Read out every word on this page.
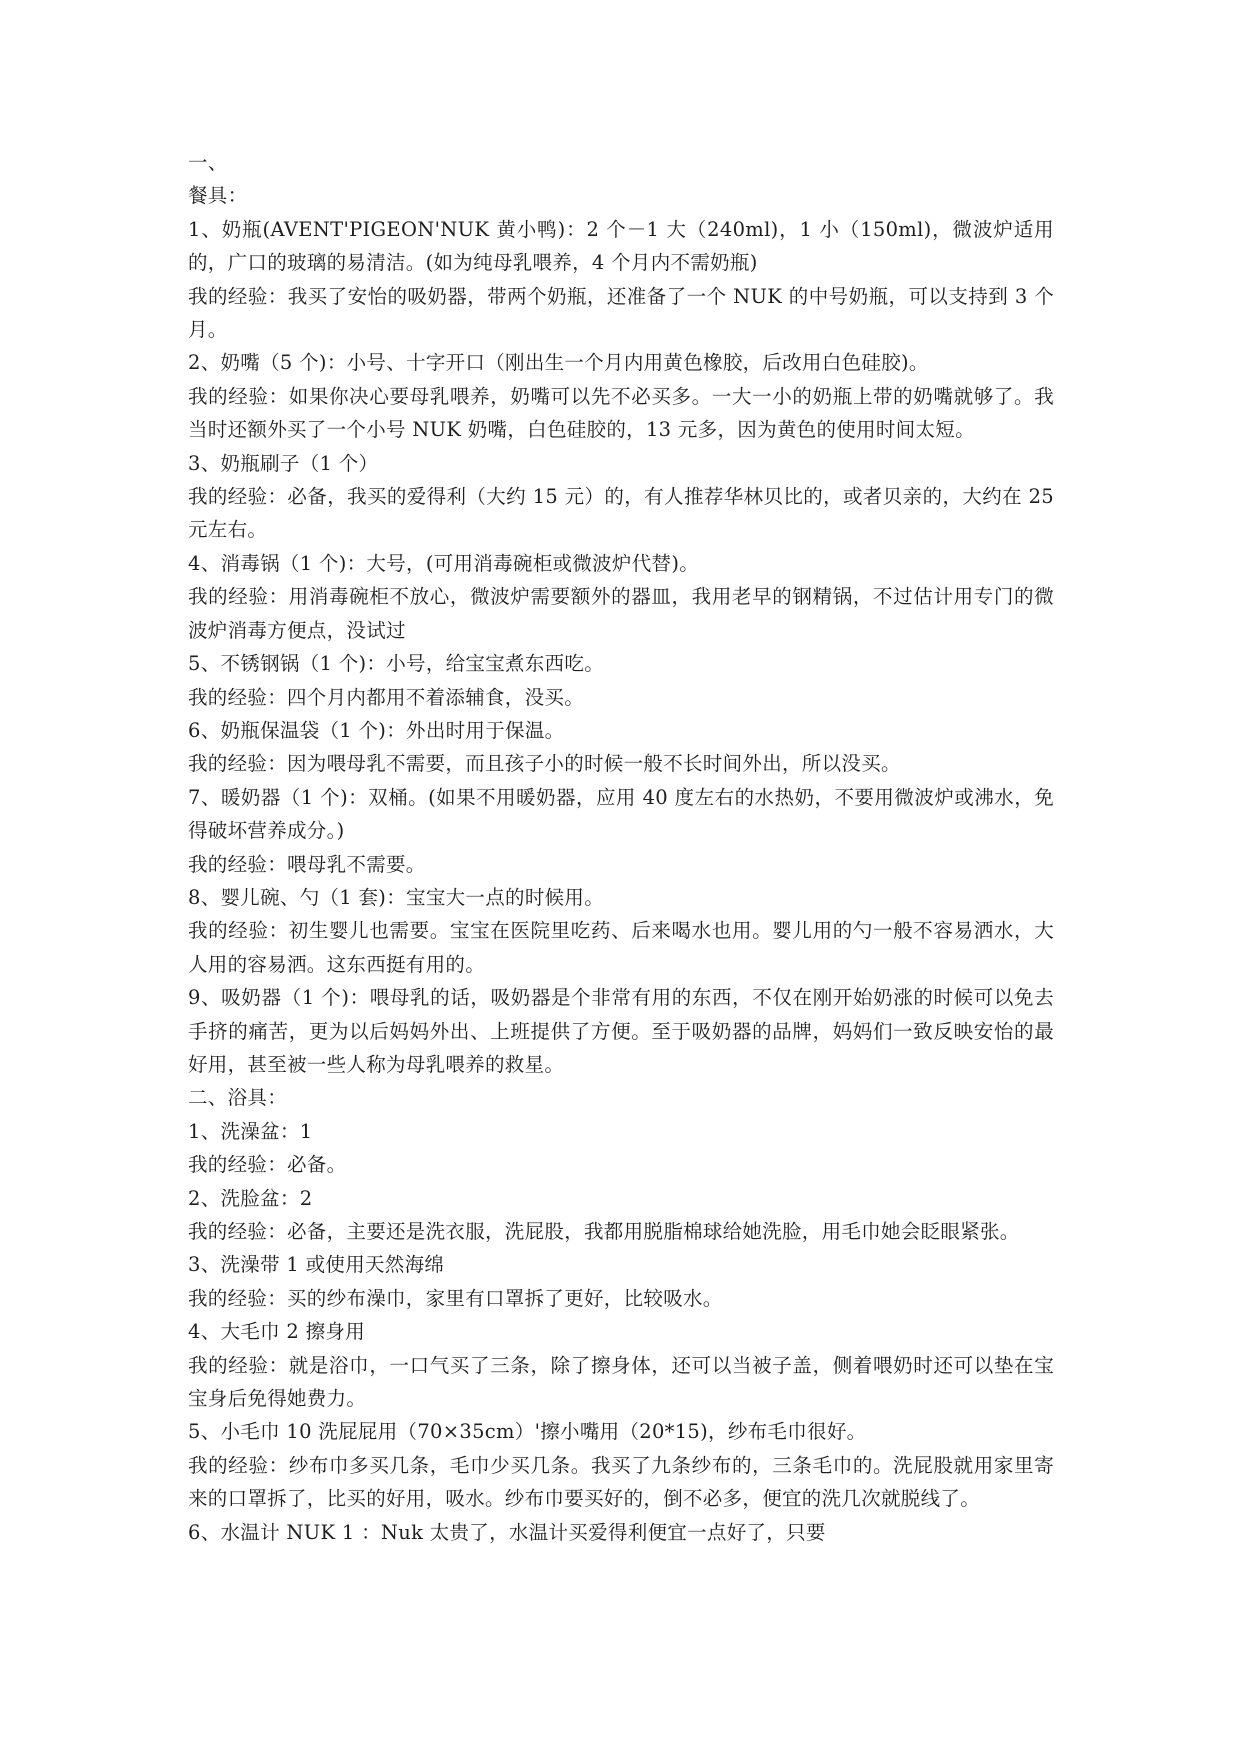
一、

餐具：

1、奶瓶(AVENT'PIGEON'NUK 黄小鸭)：2 个－1 大（240ml)，1 小（150ml)，微波炉适用的，广口的玻璃的易清洁。(如为纯母乳喂养，4 个月内不需奶瓶)

我的经验：我买了安怡的吸奶器，带两个奶瓶，还准备了一个 NUK 的中号奶瓶，可以支持到 3 个月。

2、奶嘴（5 个)：小号、十字开口（刚出生一个月内用黄色橡胶，后改用白色硅胶)。

我的经验：如果你决心要母乳喂养，奶嘴可以先不必买多。一大一小的奶瓶上带的奶嘴就够了。我当时还额外买了一个小号 NUK 奶嘴，白色硅胶的，13 元多，因为黄色的使用时间太短。

3、奶瓶刷子（1 个）

我的经验：必备，我买的爱得利（大约 15 元）的，有人推荐华林贝比的，或者贝亲的，大约在 25 元左右。

4、消毒锅（1 个)：大号，(可用消毒碗柜或微波炉代替)。

我的经验：用消毒碗柜不放心，微波炉需要额外的器皿，我用老早的钢精锅，不过估计用专门的微波炉消毒方便点，没试过

5、不锈钢锅（1 个)：小号，给宝宝煮东西吃。

我的经验：四个月内都用不着添辅食，没买。

6、奶瓶保温袋（1 个)：外出时用于保温。

我的经验：因为喂母乳不需要，而且孩子小的时候一般不长时间外出，所以没买。

7、暖奶器（1 个)：双桶。(如果不用暖奶器，应用 40 度左右的水热奶，不要用微波炉或沸水，免得破坏营养成分。)

我的经验：喂母乳不需要。

8、婴儿碗、勺（1 套)：宝宝大一点的时候用。

我的经验：初生婴儿也需要。宝宝在医院里吃药、后来喝水也用。婴儿用的勺一般不容易洒水，大人用的容易洒。这东西挺有用的。

9、吸奶器（1 个)：喂母乳的话，吸奶器是个非常有用的东西，不仅在刚开始奶涨的时候可以免去手挤的痛苦，更为以后妈妈外出、上班提供了方便。至于吸奶器的品牌，妈妈们一致反映安怡的最好用，甚至被一些人称为母乳喂养的救星。

二、浴具：

1、洗澡盆：1

我的经验：必备。

2、洗脸盆：2

我的经验：必备，主要还是洗衣服，洗屁股，我都用脱脂棉球给她洗脸，用毛巾她会眨眼紧张。

3、洗澡带 1 或使用天然海绵

我的经验：买的纱布澡巾，家里有口罩拆了更好，比较吸水。

4、大毛巾 2 擦身用

我的经验：就是浴巾，一口气买了三条，除了擦身体，还可以当被子盖，侧着喂奶时还可以垫在宝宝身后免得她费力。

5、小毛巾 10 洗屁屁用（70×35cm）'擦小嘴用（20*15)，纱布毛巾很好。

我的经验：纱布巾多买几条，毛巾少买几条。我买了九条纱布的，三条毛巾的。洗屁股就用家里寄来的口罩拆了，比买的好用，吸水。纱布巾要买好的，倒不必多，便宜的洗几次就脱线了。

6、水温计 NUK 1 ：Nuk 太贵了，水温计买爱得利便宜一点好了，只要
